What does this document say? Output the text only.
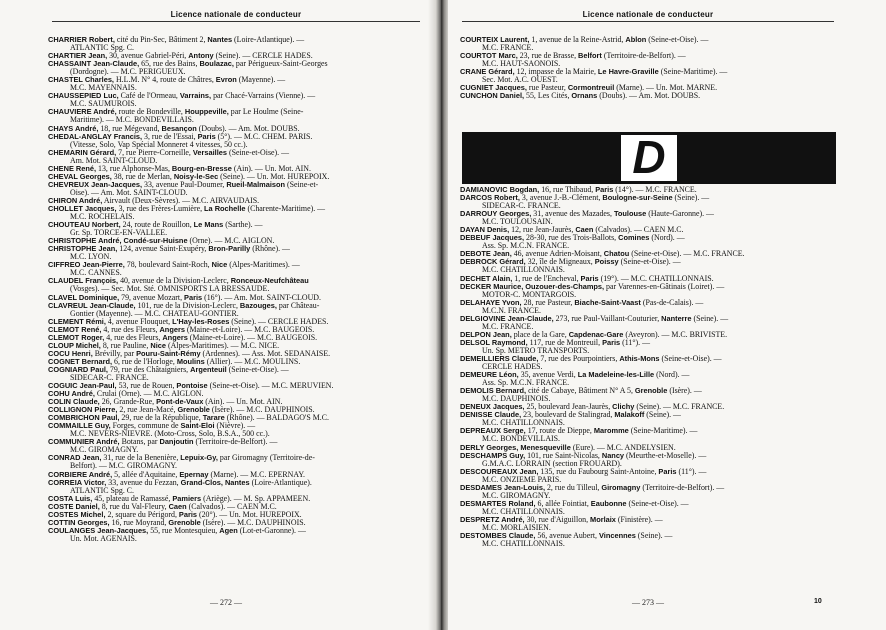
Licence nationale de conducteur
CHARRIER Robert, cité du Pin-Sec, Bâtiment 2, Nantes (Loire-Atlantique). —
ATLANTIC Spg. C.
CHARTIER Jean, 30, avenue Gabriel-Péri, Antony (Seine). — CERCLE HADES.
CHASSAINT Jean-Claude, 65, rue des Bains, Boulazac, par Périgueux-Saint-Georges
(Dordogne). — M.C. PERIGUEUX.
CHASTEL Charles, H.L.M. N° 4, route de Châtres, Evron (Mayenne). —
M.C. MAYENNAIS.
CHAUSSEPIED Luc, Café de l'Ormeau, Varrains, par Chacé-Varrains (Vienne). —
M.C. SAUMUROIS.
CHAUVIERE André, route de Bondeville, Houppeville, par Le Houlme (Seine-
Maritime). — M.C. BONDEVILLAIS.
CHAYS André, 18, rue Mégevand, Besançon (Doubs). — Am. Mot. DOUBS.
CHEDAL-ANGLAY Francis, 3, rue de l'Essai, Paris (5°). — M.C. CHEM. PARIS.
(Vitesse, Solo, Vap Spécial Monneret 4 vitesses, 50 cc.).
CHEMARIN Gérard, 7, rue Pierre-Corneille, Versailles (Seine-et-Oise). —
Am. Mot. SAINT-CLOUD.
CHENE René, 13, rue Alphonse-Mas, Bourg-en-Bresse (Ain). — Un. Mot. AIN.
CHEVAL Georges, 38, rue de Merlan, Noisy-le-Sec (Seine). — Un. Mot. HUREPOIX.
CHEVREUX Jean-Jacques, 33, avenue Paul-Doumer, Rueil-Malmaison (Seine-et-
Oise). — Am. Mot. SAINT-CLOUD.
CHIRON André, Airvault (Deux-Sèvres). — M.C. AIRVAUDAIS.
CHOLLET Jacques, 3, rue des Frères-Lumière, La Rochelle (Charente-Maritime). —
M.C. ROCHELAIS.
CHOUTEAU Norbert, 24, route de Rouillon, Le Mans (Sarthe). —
Gr. Sp. TORCE-EN-VALLEE.
CHRISTOPHE André, Condé-sur-Huisne (Orne). — M.C. AIGLON.
CHRISTOPHE Jean, 124, avenue Saint-Exupéry, Bron-Parilly (Rhône). —
M.C. LYON.
CIFFREO Jean-Pierre, 78, boulevard Saint-Roch, Nice (Alpes-Maritimes). —
M.C. CANNES.
CLAUDEL François, 40, avenue de la Division-Leclerc, Ronceux-Neufchâteau
(Vosges). — Sec. Mot. Sté. OMNISPORTS LA BRESSAUDE.
CLAVEL Dominique, 79, avenue Mozart, Paris (16°). — Am. Mot. SAINT-CLOUD.
CLAVREUL Jean-Claude, 101, rue de la Division-Leclerc, Bazouges, par Château-
Gontier (Mayenne). — M.C. CHATEAU-GONTIER.
CLEMENT Rémi, 4, avenue Flouquet, L'Hay-les-Roses (Seine). — CERCLE HADES.
CLEMOT René, 4, rue des Fleurs, Angers (Maine-et-Loire). — M.C. BAUGEOIS.
CLEMOT Roger, 4, rue des Fleurs, Angers (Maine-et-Loire). — M.C. BAUGEOIS.
CLOUP Michel, 8, rue Pauline, Nice (Alpes-Maritimes). — M.C. NICE.
COCU Henri, Brévilly, par Pouru-Saint-Rémy (Ardennes). — Ass. Mot. SEDANAISE.
COGNET Bernard, 6, rue de l'Horloge, Moulins (Allier). — M.C. MOULINS.
COGNIARD Paul, 79, rue des Châtaigniers, Argenteuil (Seine-et-Oise). —
SIDECAR-C. FRANCE.
COGUIC Jean-Paul, 53, rue de Rouen, Pontoise (Seine-et-Oise). — M.C. MERUVIEN.
COHU André, Crulai (Orne). — M.C. AIGLON.
COLIN Claude, 26, Grande-Rue, Pont-de-Vaux (Ain). — Un. Mot. AIN.
COLLIGNON Pierre, 2, rue Jean-Macé, Grenoble (Isère). — M.C. DAUPHINOIS.
COMBRICHON Paul, 29, rue de la République, Tarare (Rhône). — BALDAGO'S M.C.
COMMAILLE Guy, Forges, commune de Saint-Eloi (Nièvre). —
M.C. NEVERS-NIEVRE. (Moto-Cross, Solo, B.S.A., 500 cc.).
COMMUNIER André, Botans, par Danjoutin (Territoire-de-Belfort). —
M.C. GIROMAGNY.
CONRAD Jean, 31, rue de la Benenière, Lepuix-Gy, par Giromagny (Territoire-de-
Belfort). — M.C. GIROMAGNY.
CORBIERE André, 5, allée d'Aquitaine, Epernay (Marne). — M.C. EPERNAY.
CORREIA Victor, 33, avenue du Fezzan, Grand-Clos, Nantes (Loire-Atlantique).
ATLANTIC Spg. C.
COSTA Luis, 45, plateau de Ramassé, Pamiers (Ariège). — M. Sp. APPAMEEN.
COSTE Daniel, 8, rue du Val-Fleury, Caen (Calvados). — CAEN M.C.
COSTES Michel, 2, square du Périgord, Paris (20°). — Un. Mot. HUREPOIX.
COTTIN Georges, 16, rue Moyrand, Grenoble (Isère). — M.C. DAUPHINOIS.
COULANGES Jean-Jacques, 55, rue Montesquieu, Agen (Lot-et-Garonne). —
Un. Mot. AGENAIS.
— 272 —
Licence nationale de conducteur
COURTEIX Laurent, 1, avenue de la Reine-Astrid, Ablon (Seine-et-Oise). —
M.C. FRANCE.
COURTOT Marc, 23, rue de Brasse, Belfort (Territoire-de-Belfort). —
M.C. HAUT-SAONOIS.
CRANE Gérard, 12, impasse de la Mairie, Le Havre-Graville (Seine-Maritime). —
Sec. Mot. A.C. OUEST.
CUGNIET Jacques, rue Pasteur, Cormontreuil (Marne). — Un. Mot. MARNE.
CUNCHON Daniel, 55, Les Cités, Ornans (Doubs). — Am. Mot. DOUBS.
D
DAMIANOVIC Bogdan, 16, rue Thibaud, Paris (14°). — M.C. FRANCE.
DARCOS Robert, 3, avenue J.-B.-Clément, Boulogne-sur-Seine (Seine). —
SIDECAR-C. FRANCE.
DARROUY Georges, 31, avenue des Mazades, Toulouse (Haute-Garonne). —
M.C. TOULOUSAIN.
DAYAN Denis, 12, rue Jean-Jaurès, Caen (Calvados). — CAEN M.C.
DEBEUF Jacques, 28-30, rue des Trois-Ballots, Comines (Nord). —
Ass. Sp. M.C.N. FRANCE.
DEBOTE Jean, 46, avenue Adrien-Moisant, Chatou (Seine-et-Oise). — M.C. FRANCE.
DEBROCK Gérard, 32, île de Migneaux, Poissy (Seine-et-Oise). —
M.C. CHATILLONNAIS.
DECHET Alain, 1, rue de l'Encheval, Paris (19°). — M.C. CHATILLONNAIS.
DECKER Maurice, Ouzouer-des-Champs, par Varennes-en-Gâtinais (Loiret). —
MOTOR-C. MONTARGOIS.
DELAHAYE Yvon, 28, rue Pasteur, Biache-Saint-Vaast (Pas-de-Calais). —
M.C.N. FRANCE.
DELGIOVINE Jean-Claude, 273, rue Paul-Vaillant-Couturier, Nanterre (Seine). —
M.C. FRANCE.
DELPON Jean, place de la Gare, Capdenac-Gare (Aveyron). — M.C. BRIVISTE.
DELSOL Raymond, 117, rue de Montreuil, Paris (11°). —
Un. Sp. METRO TRANSPORTS.
DEMEILLIERS Claude, 7, rue des Pourpointiers, Athis-Mons (Seine-et-Oise). —
CERCLE HADES.
DEMEURE Léon, 35, avenue Verdi, La Madeleine-les-Lille (Nord). —
Ass. Sp. M.C.N. FRANCE.
DEMOLIS Bernard, cité de Cabaye, Bâtiment N° A 5, Grenoble (Isère). —
M.C. DAUPHINOIS.
DENEUX Jacques, 25, boulevard Jean-Jaurès, Clichy (Seine). — M.C. FRANCE.
DENISSE Claude, 23, boulevard de Stalingrad, Malakoff (Seine). —
M.C. CHATILLONNAIS.
DEPREAUX Serge, 17, route de Dieppe, Maromme (Seine-Maritime). —
M.C. BONDEVILLAIS.
DERLY Georges, Menesqueville (Eure). — M.C. ANDELYSIEN.
DESCHAMPS Guy, 101, rue Saint-Nicolas, Nancy (Meurthe-et-Moselle). —
G.M.A.C. LORRAIN (section FROUARD).
DESCOUREAUX Jean, 135, rue du Faubourg Saint-Antoine, Paris (11°). —
M.C. ONZIEME PARIS.
DESDAMES Jean-Louis, 2, rue du Tilleul, Giromagny (Territoire-de-Belfort). —
M.C. GIROMAGNY.
DESMARTES Roland, 6, allée Fointiat, Eaubonne (Seine-et-Oise). —
M.C. CHATILLONNAIS.
DESPRETZ André, 30, rue d'Aiguillon, Morlaix (Finistère). —
M.C. MORLAISIEN.
DESTOMBES Claude, 56, avenue Aubert, Vincennes (Seine). —
M.C. CHATILLONNAIS.
— 273 —	10
